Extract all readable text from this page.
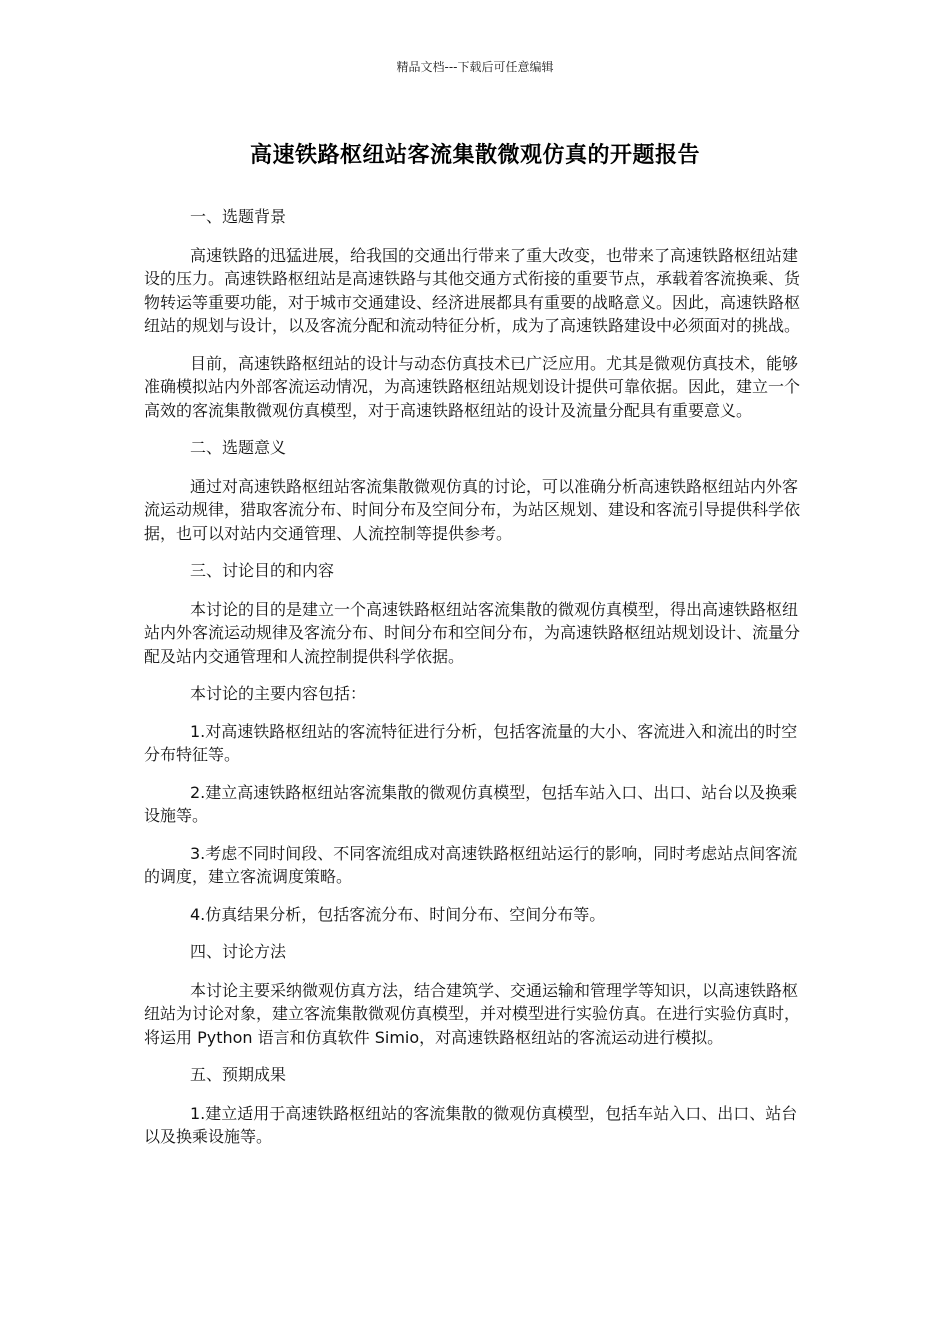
精品文档---下载后可任意编辑
高速铁路枢纽站客流集散微观仿真的开题报告

一、选题背景

高速铁路的迅猛进展，给我国的交通出行带来了重大改变，也带来了高速铁路枢纽站建设的压力。高速铁路枢纽站是高速铁路与其他交通方式衔接的重要节点，承载着客流换乘、货物转运等重要功能，对于城市交通建设、经济进展都具有重要的战略意义。因此，高速铁路枢纽站的规划与设计，以及客流分配和流动特征分析，成为了高速铁路建设中必须面对的挑战。

目前，高速铁路枢纽站的设计与动态仿真技术已广泛应用。尤其是微观仿真技术，能够准确模拟站内外部客流运动情况，为高速铁路枢纽站规划设计提供可靠依据。因此，建立一个高效的客流集散微观仿真模型，对于高速铁路枢纽站的设计及流量分配具有重要意义。

二、选题意义

通过对高速铁路枢纽站客流集散微观仿真的讨论，可以准确分析高速铁路枢纽站内外客流运动规律，猎取客流分布、时间分布及空间分布，为站区规划、建设和客流引导提供科学依据，也可以对站内交通管理、人流控制等提供参考。

三、讨论目的和内容

本讨论的目的是建立一个高速铁路枢纽站客流集散的微观仿真模型，得出高速铁路枢纽站内外客流运动规律及客流分布、时间分布和空间分布，为高速铁路枢纽站规划设计、流量分配及站内交通管理和人流控制提供科学依据。

本讨论的主要内容包括：

1.对高速铁路枢纽站的客流特征进行分析，包括客流量的大小、客流进入和流出的时空分布特征等。

2.建立高速铁路枢纽站客流集散的微观仿真模型，包括车站入口、出口、站台以及换乘设施等。

3.考虑不同时间段、不同客流组成对高速铁路枢纽站运行的影响，同时考虑站点间客流的调度，建立客流调度策略。

4.仿真结果分析，包括客流分布、时间分布、空间分布等。

四、讨论方法

本讨论主要采纳微观仿真方法，结合建筑学、交通运输和管理学等知识，以高速铁路枢纽站为讨论对象，建立客流集散微观仿真模型，并对模型进行实验仿真。在进行实验仿真时，将运用 Python 语言和仿真软件 Simio，对高速铁路枢纽站的客流运动进行模拟。

五、预期成果

1.建立适用于高速铁路枢纽站的客流集散的微观仿真模型，包括车站入口、出口、站台以及换乘设施等。
